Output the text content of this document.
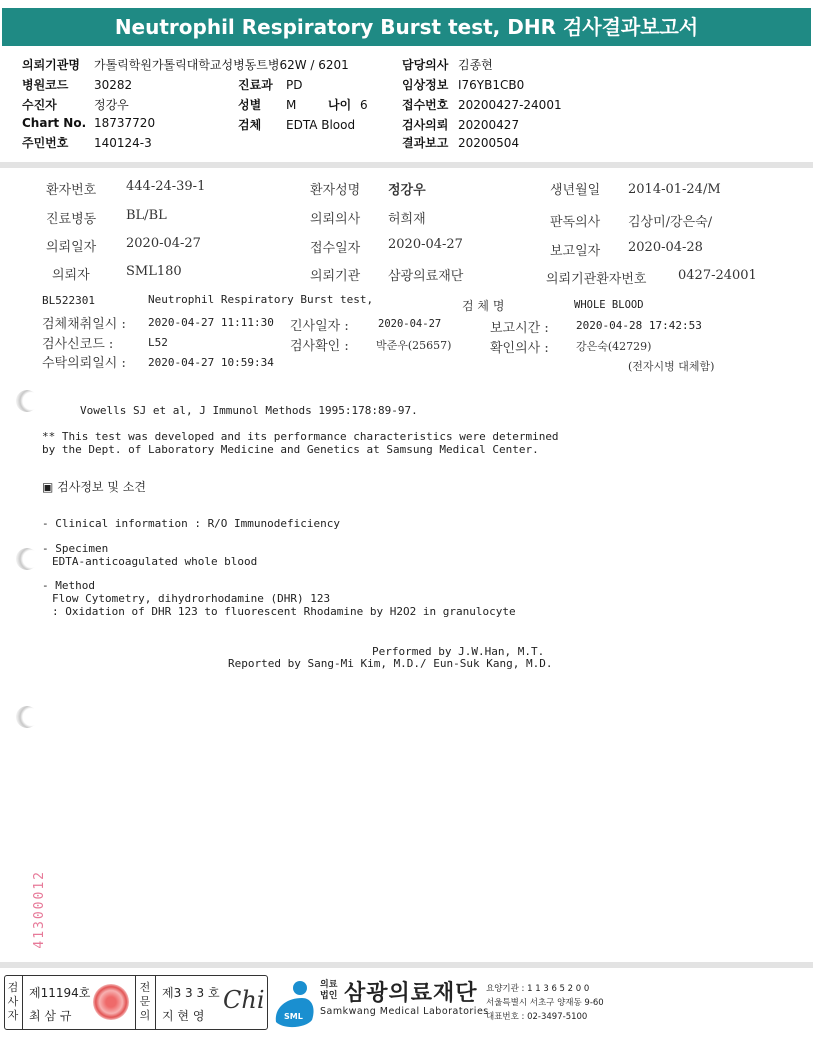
Neutrophil Respiratory Burst test, DHR 검사결과보고서
의뢰기관명 가톨릭학원가톨릭대학교성병동트병62W / 6201	담당의사 김종현
병원코드 30282	진료과 PD	임상정보 I76YB1CB0
수진자	정강우	성별 M	나이 6	접수번호 20200427-24001
Chart No. 18737720	검체 EDTA Blood	검사의뢰 20200427
주민번호 140124-3	결과보고 20200504
환자번호 444-24-39-1	환자성명 정강우	생년월일 2014-01-24/M
진료병동 BL/BL	의뢰의사 허희재	판독의사 김상미/강은숙/
의뢰일자 2020-04-27	접수일자 2020-04-27	보고일자 2020-04-28
의뢰자	SML180	의뢰기관 삼광의료재단	의뢰기관환자번호 0427-24001
BL522301	Neutrophil Respiratory Burst test,	검 체 명	WHOLE BLOOD
검체채취일시 : 2020-04-27 11:11:30 긴사일자 :	2020-04-27	보고시간 : 2020-04-28 17:42:53
검사신코드 :	L52	검사확인 : 박준우(25657)	확인의사 : 강은숙(42729)
수탁의뢰일시 : 2020-04-27 10:59:34	(전자시병 대체함)
Vowells SJ et al, J Immunol Methods 1995:178:89-97.
** This test was developed and its performance characteristics were determined
by the Dept. of Laboratory Medicine and Genetics at Samsung Medical Center.
▣ 검사정보 및 소견
- Clinical information : R/O Immunodeficiency
- Specimen
EDTA-anticoagulated whole blood
- Method
Flow Cytometry, dihydrorhodamine (DHR) 123
: Oxidation of DHR 123 to fluorescent Rhodamine by H2O2 in granulocyte
Performed by J.W.Han, M.T.
Reported by Sang-Mi Kim, M.D./ Eun-Suk Kang, M.D.
41300012
검사자
제11194호
최 삼 규
전문의
제3 3 3 호
지 현 영
Chi
SML
의료
법인 삼광의료재단
Samkwang Medical Laboratories
요양기관 : 1 1 3 6 5 2 0 0
서울특별시 서초구 양재동 9-60
대표번호 : 02-3497-5100
